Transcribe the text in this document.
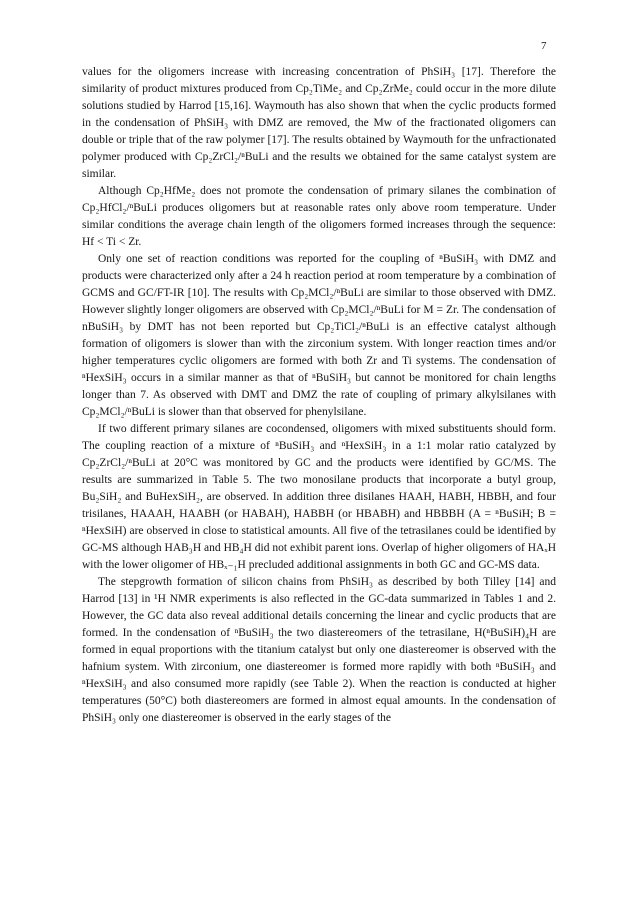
7

values for the oligomers increase with increasing concentration of PhSiH₃ [17]. Therefore the similarity of product mixtures produced from Cp₂TiMe₂ and Cp₂ZrMe₂ could occur in the more dilute solutions studied by Harrod [15,16]. Waymouth has also shown that when the cyclic products formed in the condensation of PhSiH₃ with DMZ are removed, the Mw of the fractionated oligomers can double or triple that of the raw polymer [17]. The results obtained by Waymouth for the unfractionated polymer produced with Cp₂ZrCl₂/ⁿBuLi and the results we obtained for the same catalyst system are similar.

Although Cp₂HfMe₂ does not promote the condensation of primary silanes the combination of Cp₂HfCl₂/ⁿBuLi produces oligomers but at reasonable rates only above room temperature. Under similar conditions the average chain length of the oligomers formed increases through the sequence: Hf < Ti < Zr.

Only one set of reaction conditions was reported for the coupling of ⁿBuSiH₃ with DMZ and products were characterized only after a 24 h reaction period at room temperature by a combination of GCMS and GC/FT-IR [10]. The results with Cp₂MCl₂/ⁿBuLi are similar to those observed with DMZ. However slightly longer oligomers are observed with Cp₂MCl₂/ⁿBuLi for M = Zr. The condensation of nBuSiH₃ by DMT has not been reported but Cp₂TiCl₂/ⁿBuLi is an effective catalyst although formation of oligomers is slower than with the zirconium system. With longer reaction times and/or higher temperatures cyclic oligomers are formed with both Zr and Ti systems. The condensation of ⁿHexSiH₃ occurs in a similar manner as that of ⁿBuSiH₃ but cannot be monitored for chain lengths longer than 7. As observed with DMT and DMZ the rate of coupling of primary alkylsilanes with Cp₂MCl₂/ⁿBuLi is slower than that observed for phenylsilane.

If two different primary silanes are cocondensed, oligomers with mixed substituents should form. The coupling reaction of a mixture of ⁿBuSiH₃ and ⁿHexSiH₃ in a 1:1 molar ratio catalyzed by Cp₂ZrCl₂/ⁿBuLi at 20°C was monitored by GC and the products were identified by GC/MS. The results are summarized in Table 5. The two monosilane products that incorporate a butyl group, Bu₂SiH₂ and BuHexSiH₂, are observed. In addition three disilanes HAAH, HABH, HBBH, and four trisilanes, HAAAH, HAABH (or HABAH), HABBH (or HBABH) and HBBBH (A = ⁿBuSiH; B = ⁿHexSiH) are observed in close to statistical amounts. All five of the tetrasilanes could be identified by GC-MS although HAB₃H and HB₄H did not exhibit parent ions. Overlap of higher oligomers of HAₓH with the lower oligomer of HBₓ₋₁H precluded additional assignments in both GC and GC-MS data.

The stepgrowth formation of silicon chains from PhSiH₃ as described by both Tilley [14] and Harrod [13] in ¹H NMR experiments is also reflected in the GC-data summarized in Tables 1 and 2. However, the GC data also reveal additional details concerning the linear and cyclic products that are formed. In the condensation of ⁿBuSiH₃ the two diastereomers of the tetrasilane, H(ⁿBuSiH)₄H are formed in equal proportions with the titanium catalyst but only one diastereomer is observed with the hafnium system. With zirconium, one diastereomer is formed more rapidly with both ⁿBuSiH₃ and ⁿHexSiH₃ and also consumed more rapidly (see Table 2). When the reaction is conducted at higher temperatures (50°C) both diastereomers are formed in almost equal amounts. In the condensation of PhSiH₃ only one diastereomer is observed in the early stages of the
